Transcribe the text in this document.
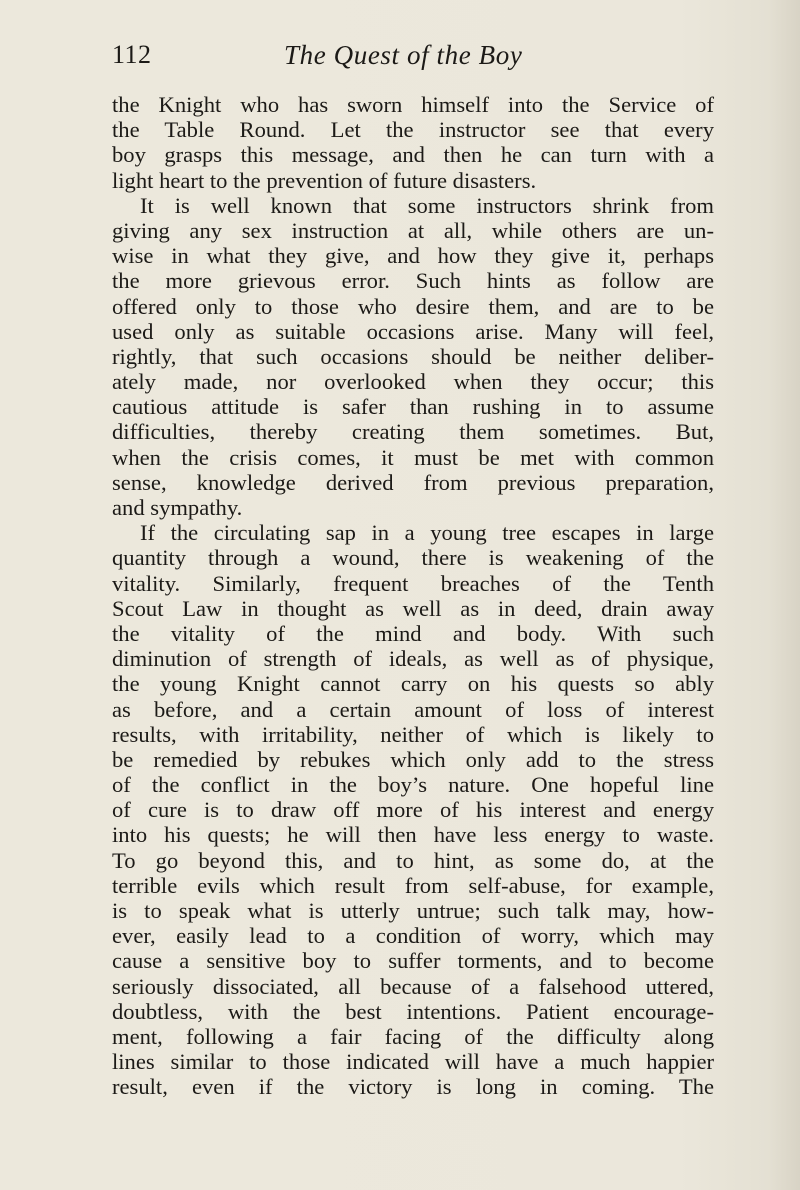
112	The Quest of the Boy
the Knight who has sworn himself into the Service of
the Table Round. Let the instructor see that every
boy grasps this message, and then he can turn with a
light heart to the prevention of future disasters.
It is well known that some instructors shrink from
giving any sex instruction at all, while others are un-
wise in what they give, and how they give it, perhaps
the more grievous error. Such hints as follow are
offered only to those who desire them, and are to be
used only as suitable occasions arise. Many will feel,
rightly, that such occasions should be neither deliber-
ately made, nor overlooked when they occur; this
cautious attitude is safer than rushing in to assume
difficulties, thereby creating them sometimes. But,
when the crisis comes, it must be met with common
sense, knowledge derived from previous preparation,
and sympathy.
If the circulating sap in a young tree escapes in large
quantity through a wound, there is weakening of the
vitality. Similarly, frequent breaches of the Tenth
Scout Law in thought as well as in deed, drain away
the vitality of the mind and body. With such
diminution of strength of ideals, as well as of physique,
the young Knight cannot carry on his quests so ably
as before, and a certain amount of loss of interest
results, with irritability, neither of which is likely to
be remedied by rebukes which only add to the stress
of the conflict in the boy’s nature. One hopeful line
of cure is to draw off more of his interest and energy
into his quests; he will then have less energy to waste.
To go beyond this, and to hint, as some do, at the
terrible evils which result from self-abuse, for example,
is to speak what is utterly untrue; such talk may, how-
ever, easily lead to a condition of worry, which may
cause a sensitive boy to suffer torments, and to become
seriously dissociated, all because of a falsehood uttered,
doubtless, with the best intentions. Patient encourage-
ment, following a fair facing of the difficulty along
lines similar to those indicated will have a much happier
result, even if the victory is long in coming. The
